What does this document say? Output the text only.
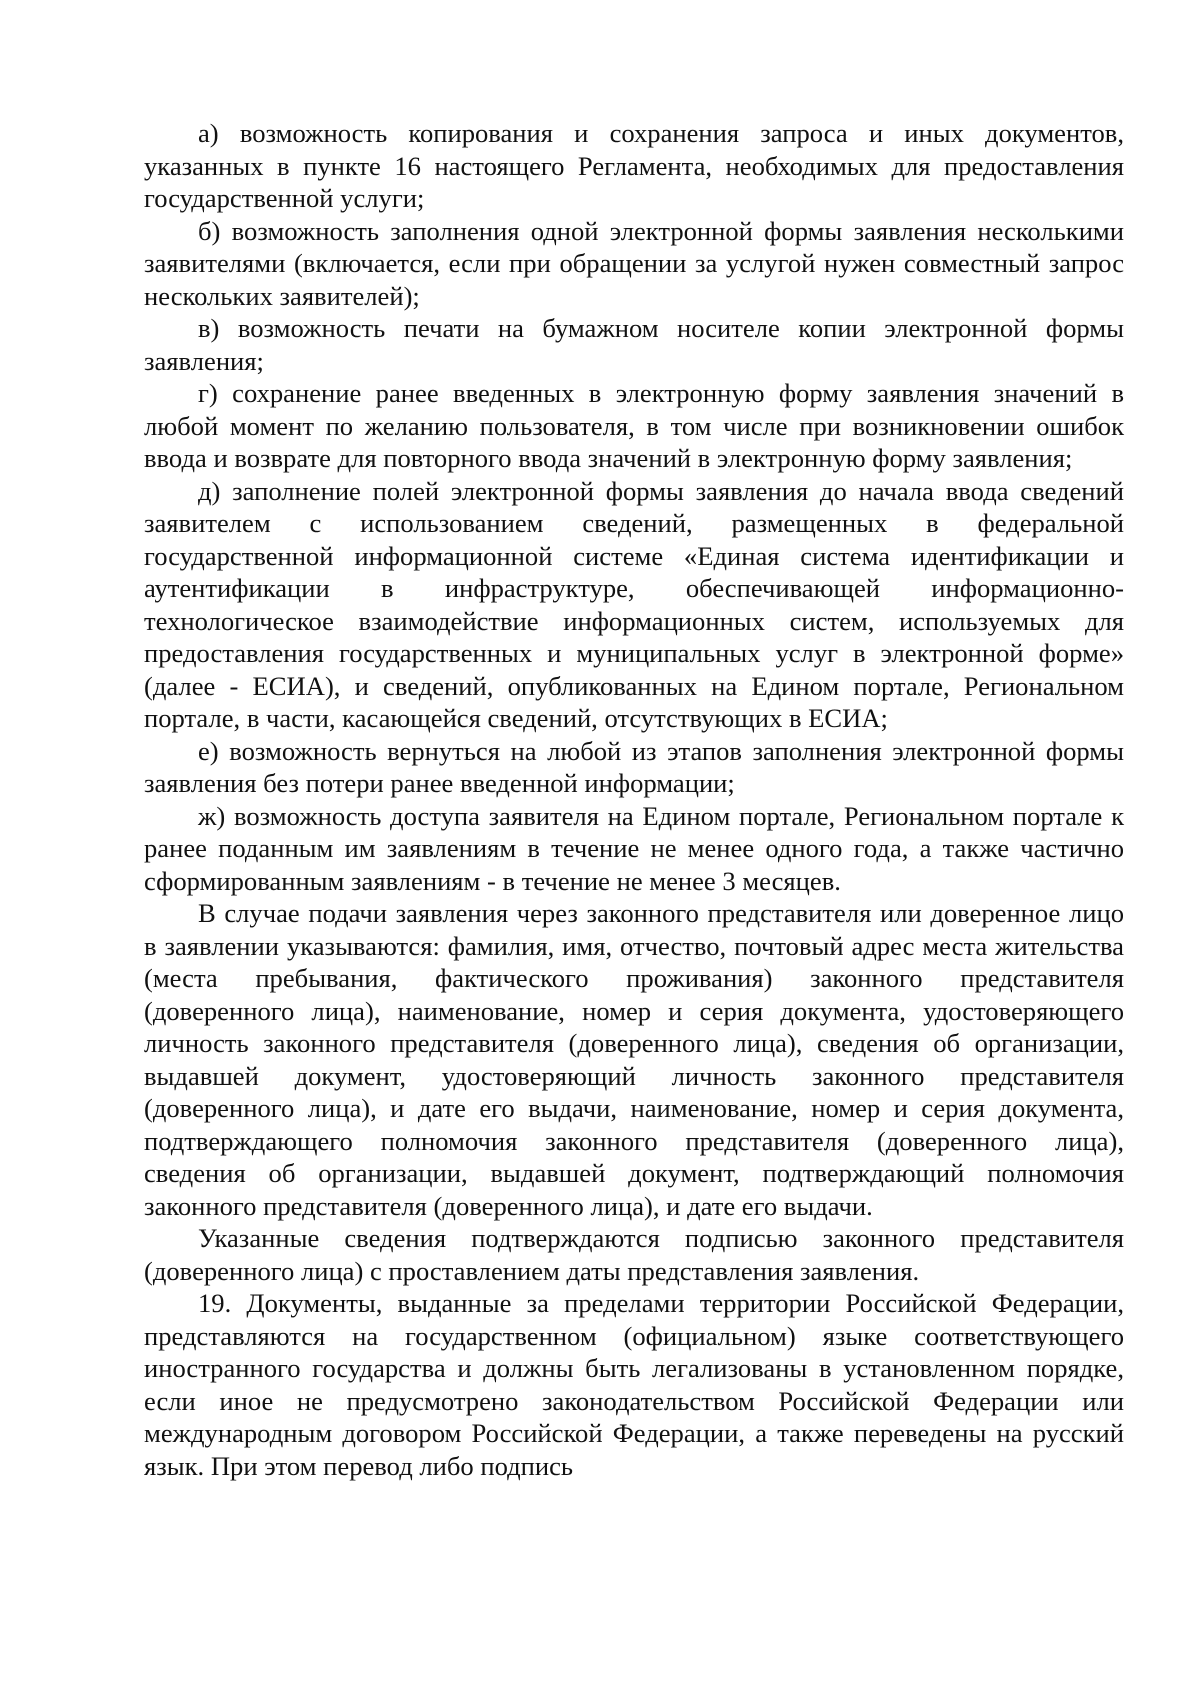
а) возможность копирования и сохранения запроса и иных документов, указанных в пункте 16 настоящего Регламента, необходимых для предоставления государственной услуги;

б) возможность заполнения одной электронной формы заявления несколькими заявителями (включается, если при обращении за услугой нужен совместный запрос нескольких заявителей);

в) возможность печати на бумажном носителе копии электронной формы заявления;

г) сохранение ранее введенных в электронную форму заявления значений в любой момент по желанию пользователя, в том числе при возникновении ошибок ввода и возврате для повторного ввода значений в электронную форму заявления;

д) заполнение полей электронной формы заявления до начала ввода сведений заявителем с использованием сведений, размещенных в федеральной государственной информационной системе «Единая система идентификации и аутентификации в инфраструктуре, обеспечивающей информационно-технологическое взаимодействие информационных систем, используемых для предоставления государственных и муниципальных услуг в электронной форме» (далее - ЕСИА), и сведений, опубликованных на Едином портале, Региональном портале, в части, касающейся сведений, отсутствующих в ЕСИА;

е) возможность вернуться на любой из этапов заполнения электронной формы заявления без потери ранее введенной информации;

ж) возможность доступа заявителя на Едином портале, Региональном портале к ранее поданным им заявлениям в течение не менее одного года, а также частично сформированным заявлениям - в течение не менее 3 месяцев.

В случае подачи заявления через законного представителя или доверенное лицо в заявлении указываются: фамилия, имя, отчество, почтовый адрес места жительства (места пребывания, фактического проживания) законного представителя (доверенного лица), наименование, номер и серия документа, удостоверяющего личность законного представителя (доверенного лица), сведения об организации, выдавшей документ, удостоверяющий личность законного представителя (доверенного лица), и дате его выдачи, наименование, номер и серия документа, подтверждающего полномочия законного представителя (доверенного лица), сведения об организации, выдавшей документ, подтверждающий полномочия законного представителя (доверенного лица), и дате его выдачи.

Указанные сведения подтверждаются подписью законного представителя (доверенного лица) с проставлением даты представления заявления.

19. Документы, выданные за пределами территории Российской Федерации, представляются на государственном (официальном) языке соответствующего иностранного государства и должны быть легализованы в установленном порядке, если иное не предусмотрено законодательством Российской Федерации или международным договором Российской Федерации, а также переведены на русский язык. При этом перевод либо подпись
